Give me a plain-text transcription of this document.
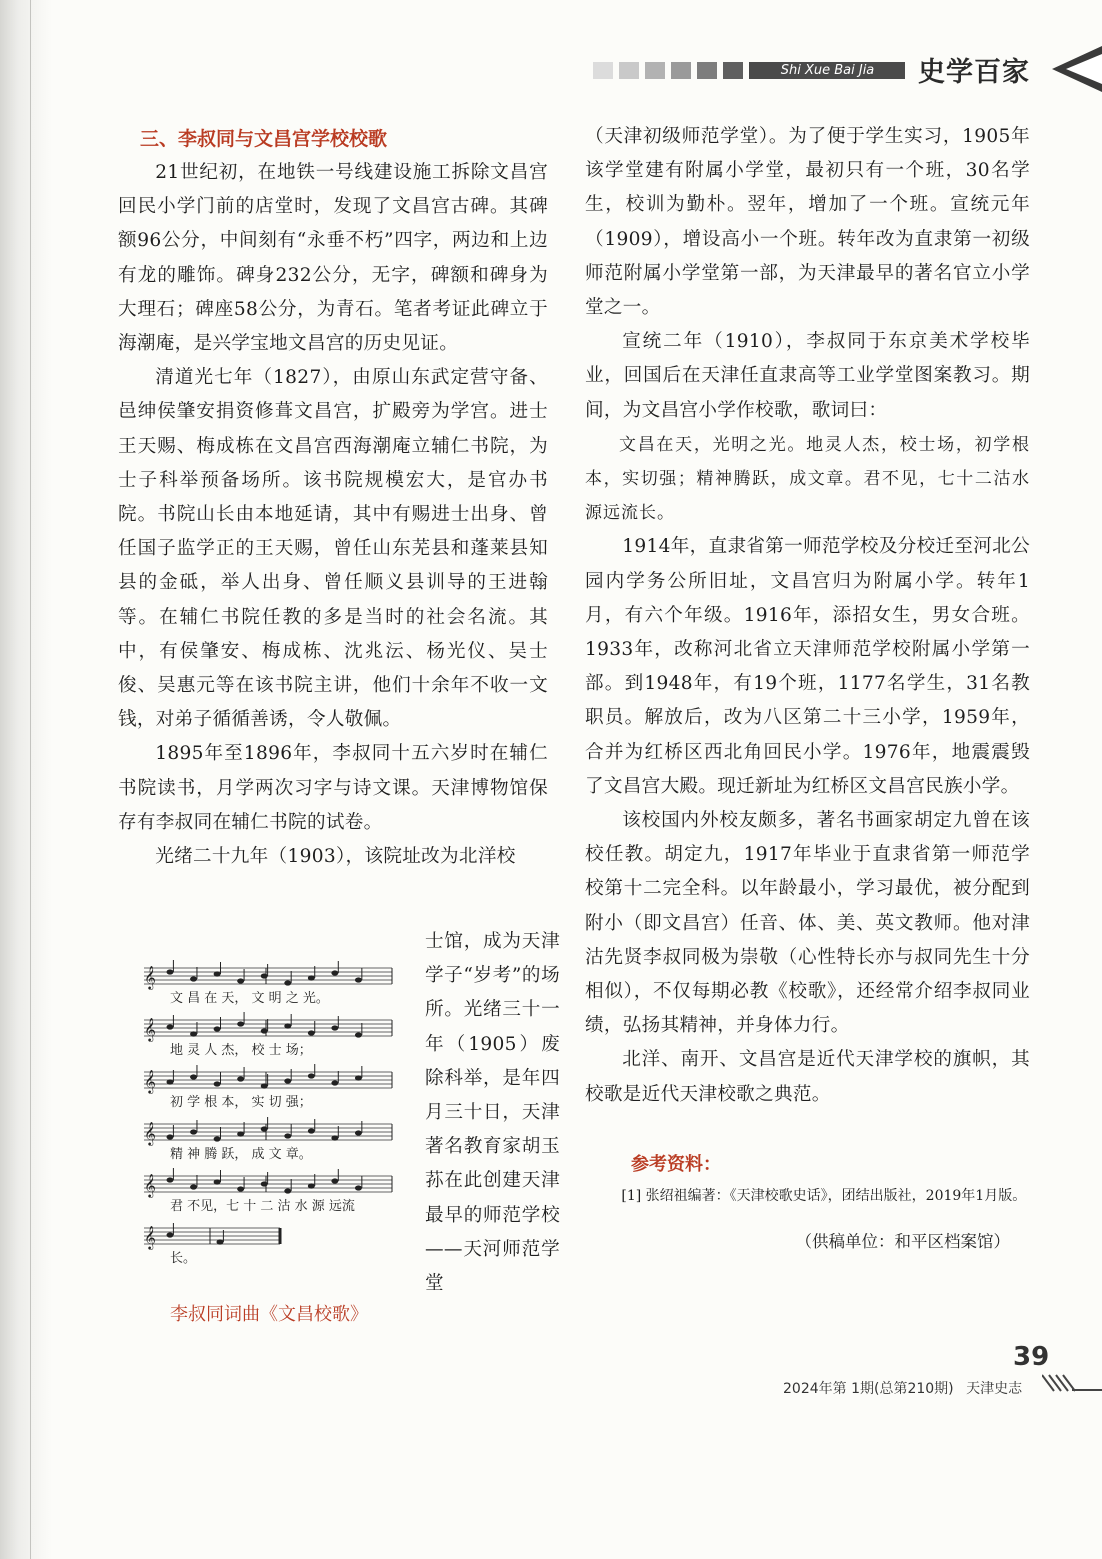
Shi Xue Bai Jia	史学百家
三、李叔同与文昌宫学校校歌

21世纪初，在地铁一号线建设施工拆除文昌宫回民小学门前的店堂时，发现了文昌宫古碑。其碑额96公分，中间刻有“永垂不朽”四字，两边和上边有龙的雕饰。碑身232公分，无字，碑额和碑身为大理石；碑座58公分，为青石。笔者考证此碑立于海潮庵，是兴学宝地文昌宫的历史见证。

清道光七年（1827），由原山东武定营守备、邑绅侯肇安捐资修葺文昌宫，扩殿旁为学宫。进士王天赐、梅成栋在文昌宫西海潮庵立辅仁书院，为士子科举预备场所。该书院规模宏大，是官办书院。书院山长由本地延请，其中有赐进士出身、曾任国子监学正的王天赐，曾任山东芜县和蓬莱县知县的金砥，举人出身、曾任顺义县训导的王进翰等。在辅仁书院任教的多是当时的社会名流。其中，有侯肇安、梅成栋、沈兆沄、杨光仪、吴士俊、吴惠元等在该书院主讲，他们十余年不收一文钱，对弟子循循善诱，令人敬佩。

1895年至1896年，李叔同十五六岁时在辅仁书院读书，月学两次习字与诗文课。天津博物馆保存有李叔同在辅仁书院的试卷。

光绪二十九年（1903），该院址改为北洋校

士馆，成为天津学子“岁考”的场所。光绪三十一年（1905）废除科举，是年四月三十日，天津著名教育家胡玉荪在此创建天津最早的师范学校——天河师范学堂

𝄞
文 昌 在 天， 文 明 之 光。
𝄞
地 灵 人 杰， 校 士 场；
𝄞
初 学 根 本， 实 切 强；
𝄞
精 神 腾 跃， 成 文 章。
𝄞
君 不见，七 十 二 沽 水 源 远流
𝄞
长。
李叔同词曲《文昌校歌》

（天津初级师范学堂）。为了便于学生实习，1905年该学堂建有附属小学堂，最初只有一个班，30名学生，校训为勤朴。翌年，增加了一个班。宣统元年（1909），增设高小一个班。转年改为直隶第一初级师范附属小学堂第一部，为天津最早的著名官立小学堂之一。

宣统二年（1910），李叔同于东京美术学校毕业，回国后在天津任直隶高等工业学堂图案教习。期间，为文昌宫小学作校歌，歌词曰：

文昌在天，光明之光。地灵人杰，校士场，初学根本，实切强；精神腾跃，成文章。君不见，七十二沽水源远流长。

1914年，直隶省第一师范学校及分校迁至河北公园内学务公所旧址，文昌宫归为附属小学。转年1月，有六个年级。1916年，添招女生，男女合班。1933年，改称河北省立天津师范学校附属小学第一部。到1948年，有19个班，1177名学生，31名教职员。解放后，改为八区第二十三小学，1959年，合并为红桥区西北角回民小学。1976年，地震震毁了文昌宫大殿。现迁新址为红桥区文昌宫民族小学。

该校国内外校友颇多，著名书画家胡定九曾在该校任教。胡定九，1917年毕业于直隶省第一师范学校第十二完全科。以年龄最小，学习最优，被分配到附小（即文昌宫）任音、体、美、英文教师。他对津沽先贤李叔同极为崇敬（心性特长亦与叔同先生十分相似），不仅每期必教《校歌》，还经常介绍李叔同业绩，弘扬其精神，并身体力行。

北洋、南开、文昌宫是近代天津学校的旗帜，其校歌是近代天津校歌之典范。

参考资料：
[1] 张绍祖编著：《天津校歌史话》，团结出版社，2019年1月版。
（供稿单位：和平区档案馆）
39
2024年第 1期(总第210期) 天津史志
